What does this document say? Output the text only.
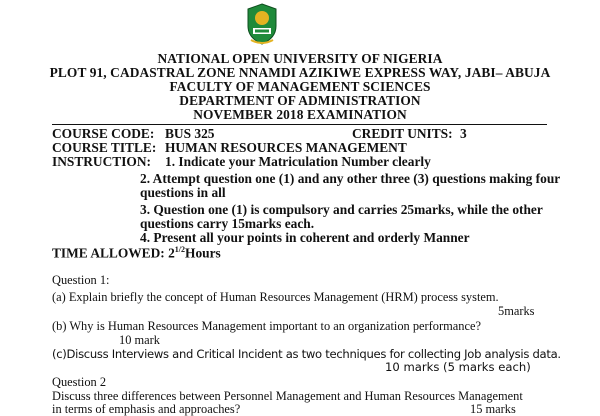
NATIONAL OPEN UNIVERSITY OF NIGERIA
PLOT 91, CADASTRAL ZONE NNAMDI AZIKIWE EXPRESS WAY, JABI– ABUJA
FACULTY OF MANAGEMENT SCIENCES
DEPARTMENT OF ADMINISTRATION
NOVEMBER 2018 EXAMINATION
COURSE CODE: BUS 325	CREDIT UNITS: 3
COURSE TITLE: HUMAN RESOURCES MANAGEMENT
INSTRUCTION: 1. Indicate your Matriculation Number clearly
2. Attempt question one (1) and any other three (3) questions making four
questions in all
3. Question one (1) is compulsory and carries 25marks, while the other
questions carry 15marks each.
4. Present all your points in coherent and orderly Manner
TIME ALLOWED: $2^{1/2}Hours$
Question 1:
(a) Explain briefly the concept of Human Resources Management (HRM) process system.
5marks
(b) Why is Human Resources Management important to an organization performance?
10 mark
(c)Discuss Interviews and Critical Incident as two techniques for collecting Job analysis data.
10 marks (5 marks each)
Question 2
Discuss three differences between Personnel Management and Human Resources Management
in terms of emphasis and approaches?	15 marks
